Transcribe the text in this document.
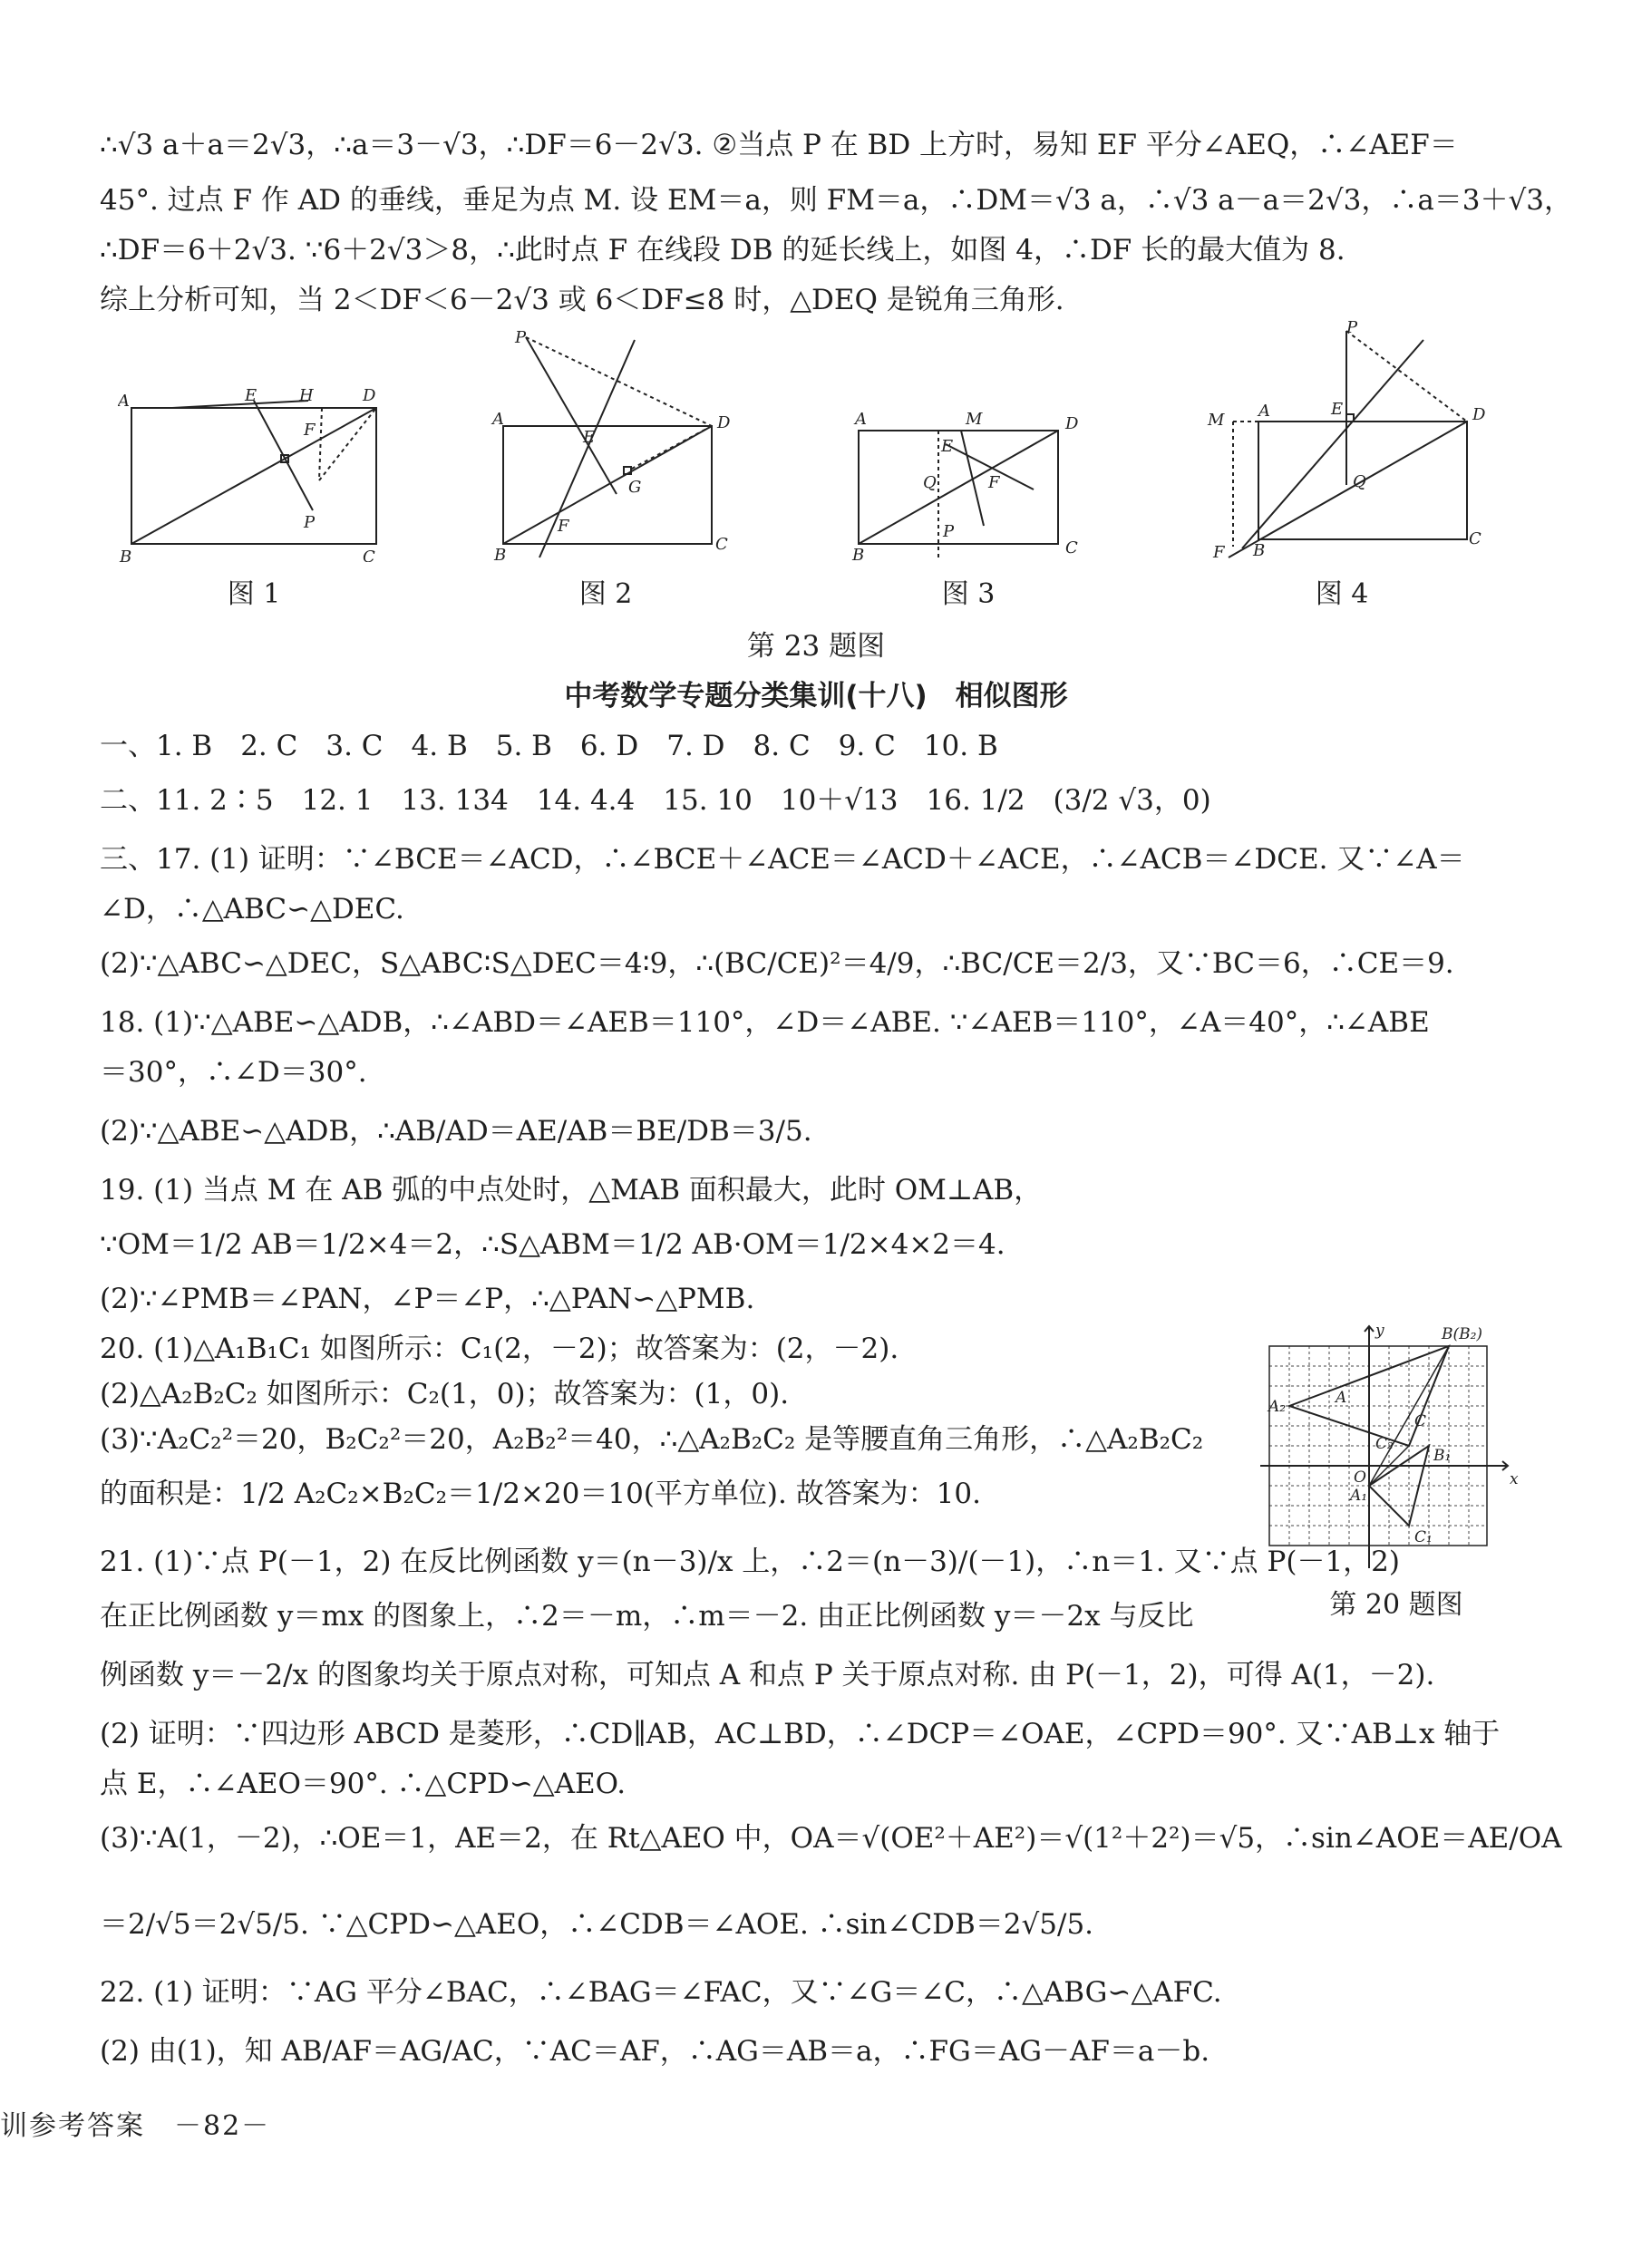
∴√3 a＋a＝2√3，∴a＝3－√3，∴DF＝6－2√3. ②当点 P 在 BD 上方时，易知 EF 平分∠AEQ，∴∠AEF＝
45°. 过点 F 作 AD 的垂线，垂足为点 M. 设 EM＝a，则 FM＝a，∴DM＝√3 a，∴√3 a－a＝2√3，∴a＝3＋√3，
∴DF＝6＋2√3. ∵6＋2√3＞8，∴此时点 F 在线段 DB 的延长线上，如图 4，∴DF 长的最大值为 8.
综上分析可知，当 2＜DF＜6－2√3 或 6＜DF≤8 时，△DEQ 是锐角三角形.
A	E	H	D
F
P
B	C
图 1
P
A
E
D
G
F
B
C
图 2
A
E
M	D
Q	F
P
B	C
图 3
P
M A	E	D
Q
F B
C
图 4
第 23 题图
中考数学专题分类集训(十八)　相似图形
一、1. B　2. C　3. C　4. B　5. B　6. D　7. D　8. C　9. C　10. B
二、11. 2∶5　12. 1　13. 134　14. 4.4　15. 10　10＋√13　16. 1/2　(3/2 √3，0)
三、17. (1) 证明：∵∠BCE＝∠ACD，∴∠BCE＋∠ACE＝∠ACD＋∠ACE，∴∠ACB＝∠DCE. 又∵∠A＝
∠D，∴△ABC∽△DEC.
(2)∵△ABC∽△DEC，S△ABC∶S△DEC＝4∶9，∴(BC/CE)²＝4/9，∴BC/CE＝2/3，又∵BC＝6，∴CE＝9.
18. (1)∵△ABE∽△ADB，∴∠ABD＝∠AEB＝110°，∠D＝∠ABE. ∵∠AEB＝110°，∠A＝40°，∴∠ABE
＝30°，∴∠D＝30°.
(2)∵△ABE∽△ADB，∴AB/AD＝AE/AB＝BE/DB＝3/5.
19. (1) 当点 M 在 AB 弧的中点处时，△MAB 面积最大，此时 OM⊥AB，
∵OM＝1/2 AB＝1/2×4＝2，∴S△ABM＝1/2 AB·OM＝1/2×4×2＝4.
(2)∵∠PMB＝∠PAN，∠P＝∠P，∴△PAN∽△PMB.
20. (1)△A₁B₁C₁ 如图所示：C₁(2，－2)；故答案为：(2，－2).
(2)△A₂B₂C₂ 如图所示：C₂(1，0)；故答案为：(1，0).
(3)∵A₂C₂²＝20，B₂C₂²＝20，A₂B₂²＝40，∴△A₂B₂C₂ 是等腰直角三角形，∴△A₂B₂C₂
的面积是：1/2 A₂C₂×B₂C₂＝1/2×20＝10(平方单位). 故答案为：10.
21. (1)∵点 P(－1，2) 在反比例函数 y＝(n－3)/x 上，∴2＝(n－3)/(－1)，∴n＝1. 又∵点 P(－1，2)
在正比例函数 y＝mx 的图象上，∴2＝－m，∴m＝－2. 由正比例函数 y＝－2x 与反比
y
x
O
B(B₂)
A₂
C₂
C
A
B₁
A₁
C₁
第 20 题图
例函数 y＝－2/x 的图象均关于原点对称，可知点 A 和点 P 关于原点对称. 由 P(－1，2)，可得 A(1，－2).
(2) 证明：∵四边形 ABCD 是菱形，∴CD∥AB，AC⊥BD，∴∠DCP＝∠OAE，∠CPD＝90°. 又∵AB⊥x 轴于
点 E，∴∠AEO＝90°. ∴△CPD∽△AEO.
(3)∵A(1，－2)，∴OE＝1，AE＝2，在 Rt△AEO 中，OA＝√(OE²＋AE²)＝√(1²＋2²)＝√5，∴sin∠AOE＝AE/OA
＝2/√5＝2√5/5. ∵△CPD∽△AEO，∴∠CDB＝∠AOE. ∴sin∠CDB＝2√5/5.
22. (1) 证明：∵AG 平分∠BAC，∴∠BAG＝∠FAC，又∵∠G＝∠C，∴△ABG∽△AFC.
(2) 由(1)，知 AB/AF＝AG/AC，∵AC＝AF，∴AG＝AB＝a，∴FG＝AG－AF＝a－b.
训参考答案　－82－
